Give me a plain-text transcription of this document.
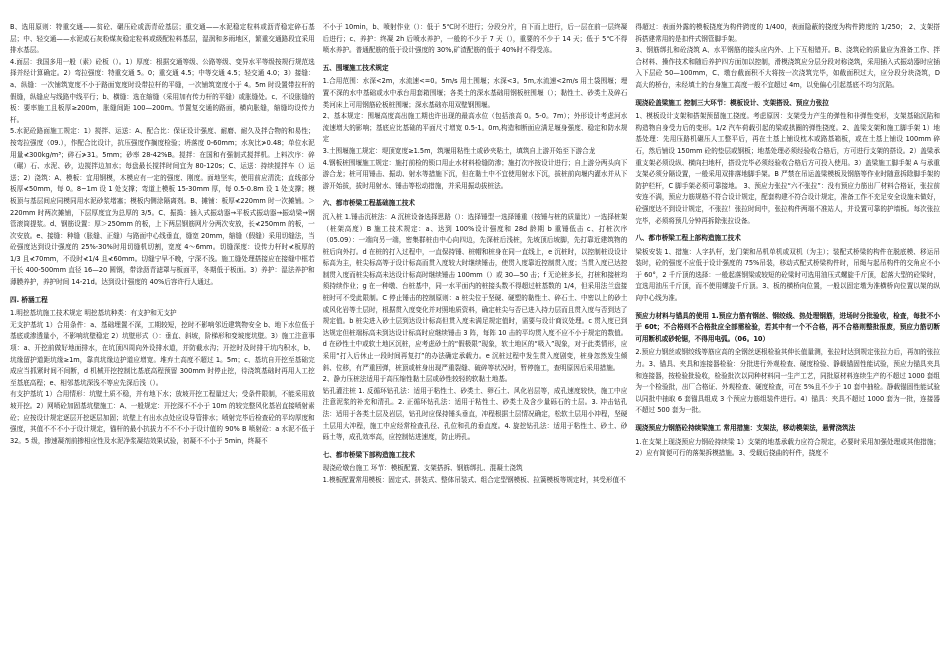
B、选用原则：特重交通——贫砼、碾压砼或沥青砼基层；重交通——水泥稳定粒料或沥青稳定碎石基层；中、轻交通——水泥或石灰粉煤灰稳定粒料或级配粒料基层，湿润和多雨地区，繁重交通路段宜采用排水基层。
4.面层：我国多用一般（素）砼板（）。1）厚度：根据交通等级、公路等级、变异水平等级按规行规范选择并经计算确定。2）弯拉强度：特重交通 5。0；重交通 4.5；中等交通 4.5；轻交通 4.0；3）接缝：a、纵缝：一次铺筑宽度不小于路面宽度时设带拉杆的平缝，一次铺筑宽度小于 4。5m 时设置带拉杆的假缝，纵缝应与线路中线平行；b、横缝：选在缩缝（采用加有传力杆的平缝）或胀缝处。c、不设胀缝的板：要率施工且板厚≥200m，胀缝间距 100—200m。节置复交通的路面，横向胀缝，缩缝均设传力杆。
5.水泥砼路面施工规定：1）搅拌、运送：A、配合比：保证设计强度、耐磨、耐久及拌合物的和易性；按弯拉强度（09.），作配合比设计，抗压强度作搁度检验；坍落度 0-60mm；水灰比≯0.48；单位水泥用量≮300kg/m³；碎石≯31。5mm；砂率 28-42%B。搅拌：在国和有强制式搅拌机。上料次序：碎（碾）石、水泥、砂，边搅拌边加水；每盘最长搅拌时间宜为 80-120s；C、运送：持续搅拌车（）运送；2）浇筑：A、模板：宜用钢模，木模应有一定的强度、刚度。面地坚实，使用前应清洗；直线部分板厚≮50mm，每 0。8~1m 设 1 处支撑；弯道上模板 15-30mm 厚，每 0.5-0.8m 设 1 处支撑；模板顶与基层间应同模同用水泥砂浆堵塞；模板内侧涂隔离剂。B、摊铺：板厚≮220mm 时一次摊铺。＞220mm 时两次摊铺，下层厚度宜为总厚的 3/5。C、振捣：插入式振动器→平板式振动器→振动梁→钢管滚筒提浆。d、钢筋设置：厚＞250mm 的板，上下两层钢筋网片分两次安放，长≮250mm 的板，一次安放。e、接缝：种缝（胀缝、正缝）与路面中心线垂直，缝宽 20mm，缩缝（假缝）采用切缝法，当砼强度达到设计强度的 25%-30%时用切缝机切割，宽度 4～6mm。切缝深度：设传力杆时≮板厚的 1/3 且≮70mm，不设时≮1/4 且≮60mm。切缝宁早不晚，宁深不浅。施工缝处理搭接应在接缝中框若干长 400-500mm 直径 16—20 圆钢，带涂沥青滤罩与板面平，冬期低于板面。3）养护：湿法养护和薄膜养护，养护时间 14-21d。达到设计强度的 40%后容许行人通过。
四. 桥涵工程
1.明挖基坑施工技术规定 明挖基坑种类：有支护和无支护
无支护基坑 1）合用条件：a、基础埋置不深，工期较短，挖时不影响邻近建筑物安全 b、地下水位低于基底或渗透量小，不影响坑壁稳定 2）坑壁形式（）：垂直、斜坡，阶梯形和变坡度坑壁。3）施工注意事项：a、开挖前做好地面排水，在坑顶四周向外设排水道，并防截水沟；开挖时及时排干坑内积水，b、坑缘留护道距坑缘≥1m，靠真坑缘边护道应增宽。堆弃土高度不超过 1。5m；c、基坑自开挖至基础完成应当抓紧时间不间断，d 机械开挖控制比基底高程预留 300mm 时停止挖，待浇筑基础时再用人工挖至基底高程；e、相邻基坑深浅不等应先深后浅（）。
有支护基坑 1）合用情形：坑壁土质不稳，并有地下水；放坡开挖工程量过大；受条件限制，不能采用放坡开挖。2）网喷砼加固基坑壁施工：A、一般规定：开挖深不不小于 10m 的较完整风化基岩直接喷射素砼；应按设计规定逐层开挖逐层加固；坑壁上有出水点处应设导管排水；喷射完毕后检查砼的平均厚度和强度，其值不不不小于设计规定，锚杆的最小抗拔力不不不小于设计值的 90% B 喷射砼：a 水泥不低于 32。5 级，掺速凝剂前掺相应性及水泥净浆凝结效果试验，初凝不不小于 5min，终凝不
不小于 10min，b、喷射作业（）：低于 5℃时不进行；分段分片，自下而上进行，后一层在前一层终凝后进行；c、养护：终凝 2h 后喷水养护，一般的不少于 7 天（），重要的不少于 14 天；低于 5℃不得喷水养护。普通配筋的低于设计强度的 30%,矿渣配筋的低于 40%时不得受冻。
五、围堰施工技术规定
1.合用范围：水深<2m，水流速<=0。5m/s 用土围堰；水深<3。5m,水流速<2m/s 用土袋围堰；埋置不深的水中基础或水中承台用套箱围堰；各类土的深水基础用钢板桩围堰（）；黏性土、砂类土及碎石类河床上可用钢筋砼板桩围堰；深水基础亦用双壁钢围堰。
2、基本规定：围堰高度高出施工期也许出现的最高水位（包括浪高 0。5-0。7m）；外形设计考虑河水流速增大的影响；基底应比基础的平面尺寸增宽 0.5-1。0m,构造和断面应满足堰身强度、稳定和防水规定
3.土围堰施工规定：堤顶宽度≥1.5m，筑堰用粘性土或砂夹粘土，填筑自上游开始至下游合龙
4.钢板桩围堰施工规定：施打前检的锁口用止水材料检缝防渗；施打次序按设计进行；自上游分两头向下游合龙；桩可用锤击、振动、射水等措施下沉，但在黏土中不宜使用射水下沉，拔桩前向堰内灌水并从下游开始拔，拔时用射水、锤击等松动措施，并采用振动拔桩法。
六、都市桥梁工程基础施工技术
沉入桩 1.锤击沉桩法：A 沉桩设备选择思路（）：选择锤型一选择锤重（按锤与桩的质量比）一选择桩架（桩架高度）B 施工技术规定：a、达到 100%设计强度和 28d 龄期 b 重锤低击 c、打桩次序（05.09）：一端向另一端，密集群桩由中心向四边，先深桩后浅桩，先坡顶后坡脚，先打靠近建筑物的桩后向外打。d 在桩的打入过程中，一直保持锤、桩帽和桩身在同一直线上，e 沉桩时，以控制桩设设计标高为主，桩尖标高等于设计标高而贯入度较大时继续锤击，使贯入度靠近控制贯入度；当贯入度已达控制贯入度而桩尖标高未达设计标高时继续锤击 100mm（）或 30—50 击；f 无论桩多长，打桩和接桩均须持续作业；g 在一种墩、台桩基中，同一水平面内的桩接头数不得超过桩基数的 1/4，但采用法兰盘接桩时可不受此限制。C 停止锤击的控制原则：a 桩尖位于坚硬、硬塑的黏性土、碎石土、中密以上的砂土或风化岩等土层时，根据贯入度变化并对照地质资料，确定桩尖与否已进入持力层而且贯入度与否到达了规定值。b 桩尖进入砂土层到达设计标高但贯入度未满足规定值时，需要与设计商议处理。c 贯入度已到达规定但桩端标高未到达设计标高时应继续锤击 3 阵，每阵 10 击的平均贯入度不应不小于规定的数值。d 在砂性土中或软土地区沉桩，应考虑砂土的“假极限”现象，软土地区的“吸入”现象，对于此类情形，应采用“打入后休止一段时间再复打”的办法确定承载力。e 沉桩过程中发生贯入度剧变，桩身忽然发生倾斜、位移，有严重回弹，桩顶或桩身出现严重裂缝、破碎等状况时，暂停施工，查明原因后采用措施。
2、静力压桩法适用于高压缩性黏土层或砂性较轻的软黏土地基。
钻孔灌注桩 1. 反循环钻孔法：适用于粘性土、砂类土、卵石土、风化岩层等，成孔速度较快，施工中应注意泥浆的补充和清孔。2. 正循环钻孔法：适用于粘性土、砂类土及含少量砾石的土层。3. 冲击钻孔法：适用于各类土层及岩层，钻孔时应保持锤头垂直，冲程根据土层情况确定，松软土层用小冲程，坚硬土层用大冲程，施工中应经常检查孔径、孔位和孔的垂直度。4. 旋挖钻孔法：适用于粘性土、砂土、砂砾土等，成孔效率高，应控制钻进速度，防止坍孔。
七、都市桥梁下部构造施工技术
现浇砼墩台施工 环节：模板配置、支架搭拆、钢筋绑扎、混凝土浇筑
1.模板配置常用模板：固定式、拼装式、整体吊装式、组合定型钢模板、拉簧模板等规定时，其受形值不
得超过：表面外露的模板挠度为构件跨度的 1/400，表面隐蔽的挠度为构件跨度的 1/250； 2、支架搭拆搭建常用的是扣件式钢管脚手架。
3、钢筋绑扎和砼浇筑 A、水平钢筋的接头应内外、上下互相错开。B、浇筑砼的质量应为准备工作、拌合材料、操作技术和随后养护四方面加以控制，滑模浇筑应分层分段对称浇筑，采用插入式振动器时应插入下层砼 50—100mm，C、墩台截面积不大将按一次浇筑完毕，如截面积过大，应分段分块浇筑，D 高大的桥台，未经填土的台身施工高度一般不宜超过 4m，以免偏心引起基底不均匀沉陷。
现浇砼盖梁施工 控制三大环节：模板设计、支架搭设、预应力张拉
1、模板设计支架和搭架预留施工挠度。考虑原因：支架受力产生的弹性和非弹性变形，支架基础沉陷和构造物自身受力后的变形。1/2 汽车荷载引起的梁或拱圈的弹性挠度。2、盖梁支架和施工脚手架 1）地基处理：先用压路机碾压人工整平后，再在土基上铺设枕木或路基箱板，或在土基上铺设 100mm 碎石，然后铺设 150mm 砼的垫层或钢板；地基处理必须经验收合格后，方可进行支架的搭设。2）盖梁承重支架必须设纵、横向扫地杆，搭设完毕必须经验收合格后方可投入使用。3）盖梁施工脚手架 A 与承重支架必须分隔设置，一般采用双排落地脚手架。B 严禁在吊运盖梁模板及钢筋等作业时随意拆除脚手架的防护栏杆，C 脚手架必须可靠接地。 3、预应力张拉“六不张拉”：没有预应力筋出厂材料合格证，张拉前安连不满，预应力筋规格不符合设计规定，配套构建不符合设计规定，准备工作不充足安全设施未做好，砼强度达不到设计规定，不张拉！张拉时间中，张拉构件两端不准站人，并设置可靠的护墙板。每次张拉完毕，必须将预几分钟再拆除张拉设备。
八、都市桥梁工程上部构造施工技术
梁板安装 1、措施：人字扒杆，龙门架和吊机单机或双机（为主）；装配式桥梁的构件在脱底模、移运吊装时，砼的强度不应低于设计强度的 75%吊装，移动式配式桥梁构件时，吊绳与起吊构件的交角应不小于 60°，2 千斤顶的选择：一般起落钢梁或较短的砼梁时可选用油压式螺旋千斤顶，起落大型的砼梁时，宜选用油压千斤顶，而不使用螺旋千斤顶。3、板的横桥向位置，一般以固定墩为准横桥向位置以架的纵向中心线为准。
预应力材料与锚具的使用 1.预应力筋有钢丝、钢绞线、热处理钢筋，进场时分批验收，检查，每批不小于 60t；不合格则不合格批应全部需检验，若其中有一个不合格，再不合格则整批报废，预应力筋切断可用断机或砂轮锯，不得用电弧。（06。10）
2.预应力钢丝或钢绞线等筋应高的全钢丝逐根检验其伸长值量测，张拉时达到规定张拉力后，再加的张拉力。3、锚具、夹具和连接器检验：分批进行外观检查、硬度检验、静载锚固性能试验，预应力锚具夹具和连接器，按检验批验收，检验批次以同种材料同一生产工艺，同批原材料连续生产的不超过 1000 套组为一个检验批，出厂合格证、外观检查、硬度检查，可在 5%且不少于 10 套中抽检。静载锚固性能试验以同批中抽取 6 套锚具组成 3 个预应力筋组装件进行。4）锚具：夹具不超过 1000 套为一批，连接器不超过 500 套为一批。
现浇预应力钢筋砼持续梁施工 常用措施：支架法，移动模架法，悬臂浇筑法
1.在支架上现浇预应力钢砼持续梁 1）支架的地基承载力应符合规定，必要时采用加强处理或其他措施；2）应有简便可行的落架拆模措施。3、受载后挠曲的杆件，挠度不
